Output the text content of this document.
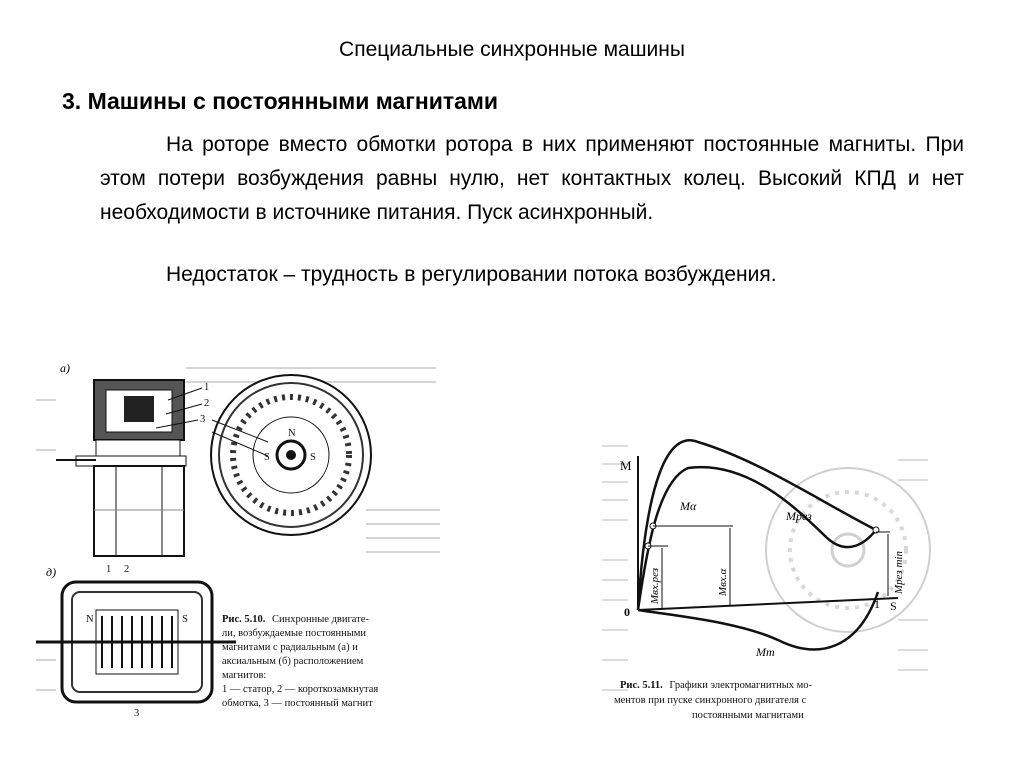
Специальные синхронные машины
3. Машины с постоянными магнитами

На роторе вместо обмотки ротора в них применяют постоянные магниты. При этом потери возбуждения равны нулю, нет контактных колец. Высокий КПД и нет необходимости в источнике питания. Пуск асинхронный.

Недостаток – трудность в регулировании потока возбуждения.

а)
1
2
3
N
S	S
д)	1 2
N	S
3
Рис. 5.10. Синхронные двигате-
ли, возбуждаемые постоянными
магнитами с радиальным (а) и
аксиальным (б) расположением
магнитов:
1 — статор, 2 — короткозамкнутая
обмотка, 3 — постоянный магнит
M
S
0
1
Mα
Mрез
Mт
Mвх.рез	Mвх.α	Mрез min
Рис. 5.11. Графики электромагнитных мо-
ментов при пуске синхронного двигателя с
постоянными магнитами
